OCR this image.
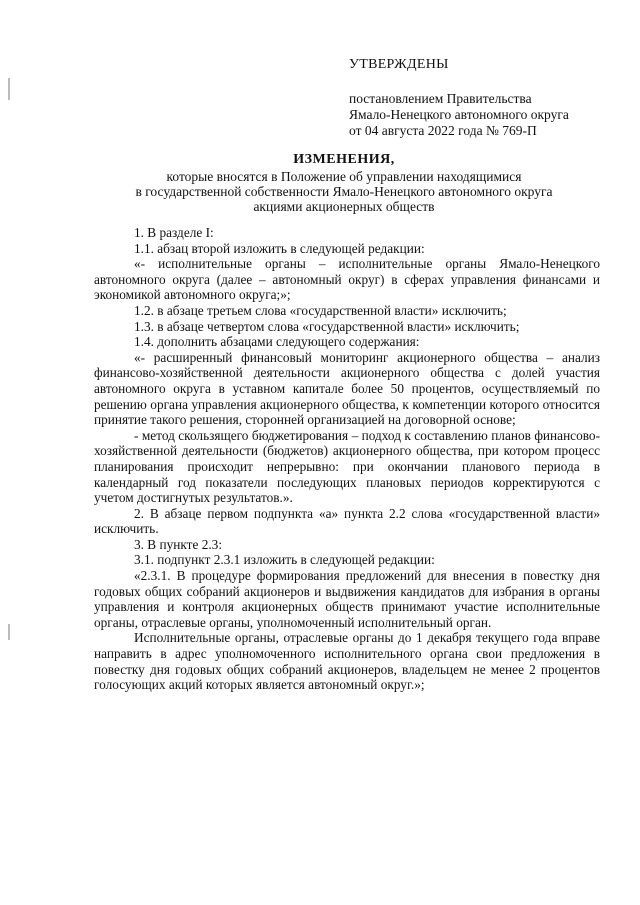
УТВЕРЖДЕНЫ
постановлением Правительства
Ямало-Ненецкого автономного округа
от 04 августа 2022 года № 769-П
ИЗМЕНЕНИЯ,
которые вносятся в Положение об управлении находящимися
в государственной собственности Ямало-Ненецкого автономного округа
акциями акционерных обществ

1. В разделе I:

1.1. абзац второй изложить в следующей редакции:

«- исполнительные органы – исполнительные органы Ямало-Ненецкого автономного округа (далее – автономный округ) в сферах управления финансами и экономикой автономного округа;»;

1.2. в абзаце третьем слова «государственной власти» исключить;

1.3. в абзаце четвертом слова «государственной власти» исключить;

1.4. дополнить абзацами следующего содержания:

«- расширенный финансовый мониторинг акционерного общества – анализ финансово-хозяйственной деятельности акционерного общества с долей участия автономного округа в уставном капитале более 50 процентов, осуществляемый по решению органа управления акционерного общества, к компетенции которого относится принятие такого решения, сторонней организацией на договорной основе;

- метод скользящего бюджетирования – подход к составлению планов финансово-хозяйственной деятельности (бюджетов) акционерного общества, при котором процесс планирования происходит непрерывно: при окончании планового периода в календарный год показатели последующих плановых периодов корректируются с учетом достигнутых результатов.».

2. В абзаце первом подпункта «а» пункта 2.2 слова «государственной власти» исключить.

3. В пункте 2.3:

3.1. подпункт 2.3.1 изложить в следующей редакции:

«2.3.1. В процедуре формирования предложений для внесения в повестку дня годовых общих собраний акционеров и выдвижения кандидатов для избрания в органы управления и контроля акционерных обществ принимают участие исполнительные органы, отраслевые органы, уполномоченный исполнительный орган.

Исполнительные органы, отраслевые органы до 1 декабря текущего года вправе направить в адрес уполномоченного исполнительного органа свои предложения в повестку дня годовых общих собраний акционеров, владельцем не менее 2 процентов голосующих акций которых является автономный округ.»;
